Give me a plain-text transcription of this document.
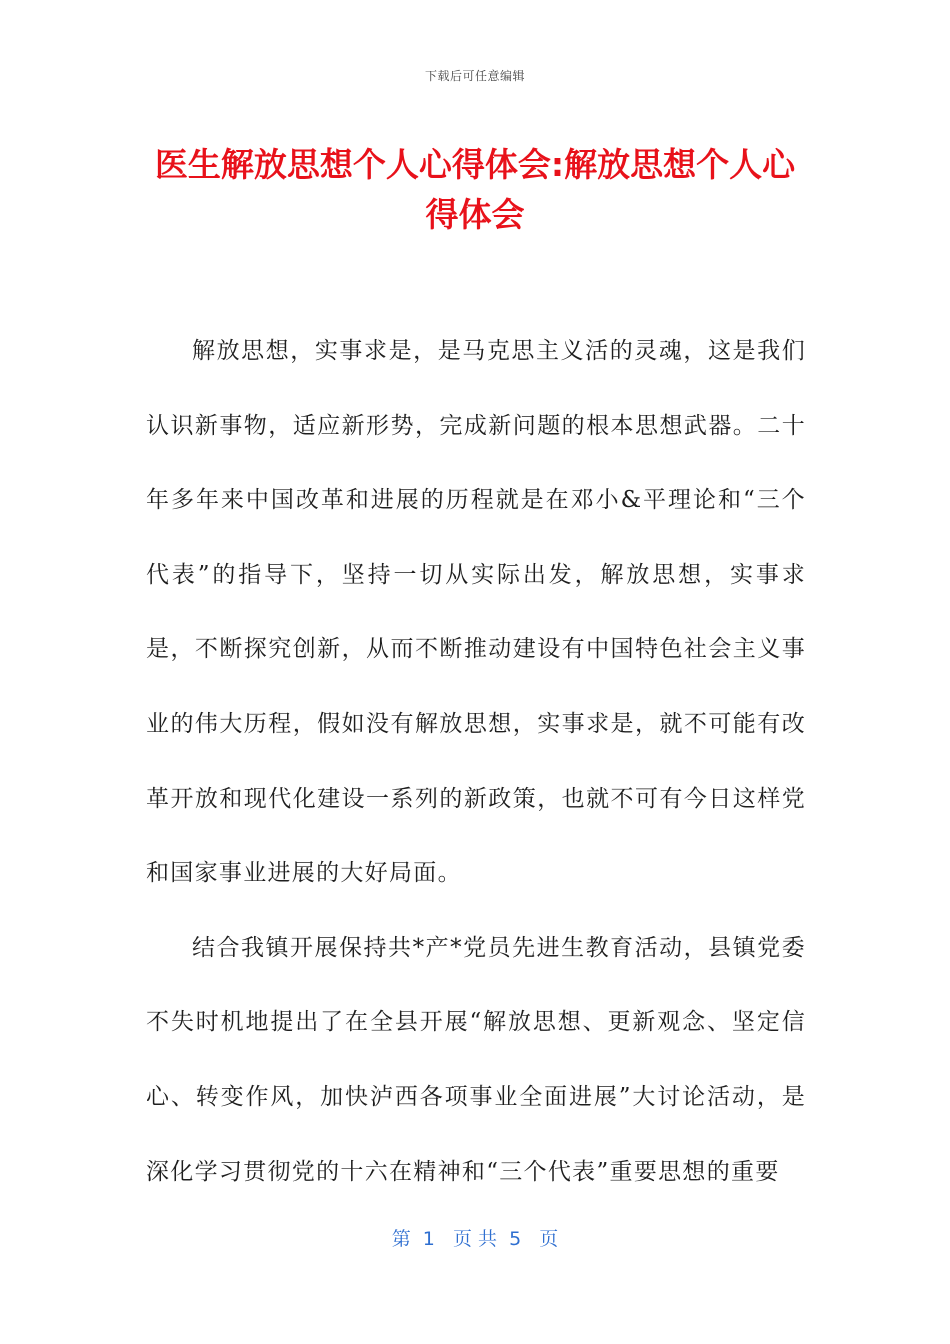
下载后可任意编辑
医生解放思想个人心得体会:解放思想个人心得体会

解放思想，实事求是，是马克思主义活的灵魂，这是我们认识新事物，适应新形势，完成新问题的根本思想武器。二十年多年来中国改革和进展的历程就是在邓小&平理论和“三个代表”的指导下，坚持一切从实际出发，解放思想，实事求是，不断探究创新，从而不断推动建设有中国特色社会主义事业的伟大历程，假如没有解放思想，实事求是，就不可能有改革开放和现代化建设一系列的新政策，也就不可有今日这样党和国家事业进展的大好局面。

结合我镇开展保持共*产*党员先进生教育活动，县镇党委不失时机地提出了在全县开展“解放思想、更新观念、坚定信心、转变作风，加快泸西各项事业全面进展”大讨论活动，是深化学习贯彻党的十六在精神和“三个代表”重要思想的重要

第  1   页 共  5   页
